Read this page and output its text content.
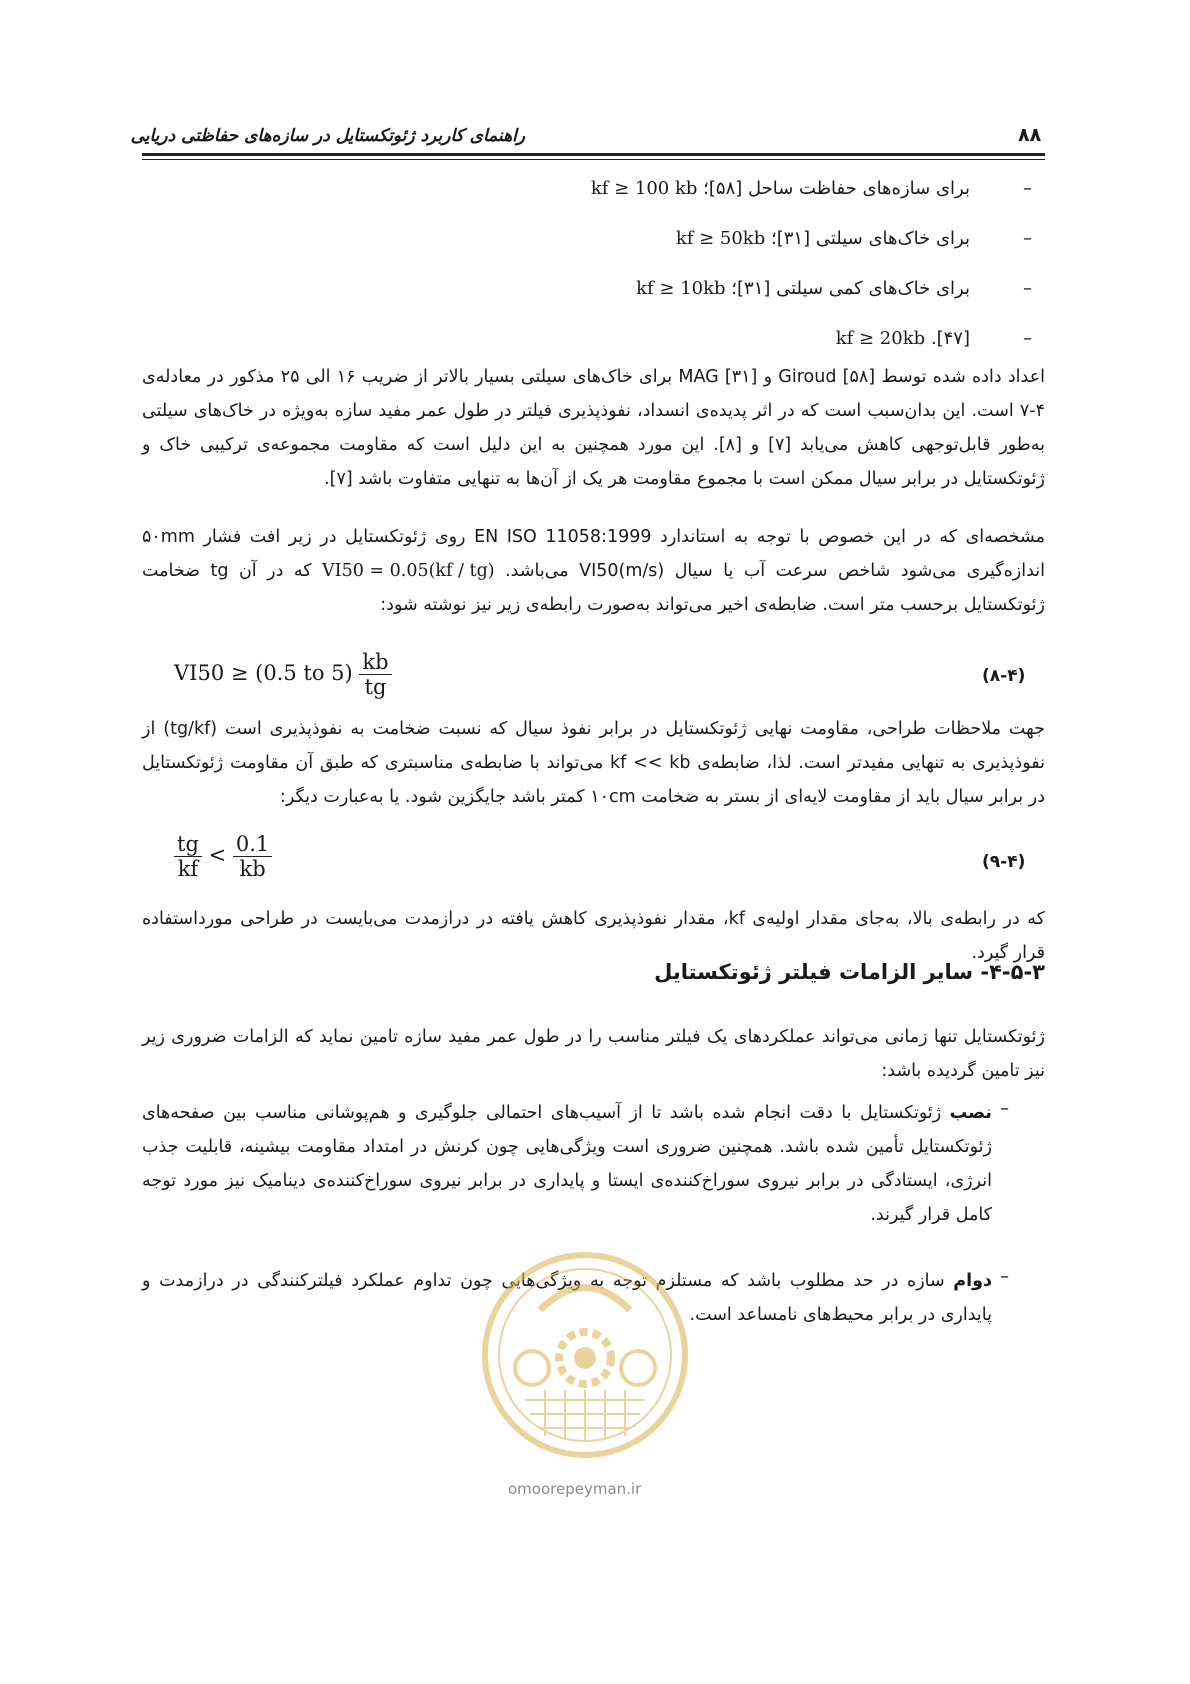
راهنمای کاربرد ژئوتکستایل در سازه‌های حفاظتی دریایی	۸۸
برای سازه‌های حفاظت ساحل [۵۸]؛ kf ≥ 100 kb	–
برای خاک‌های سیلتی [۳۱]؛ kf ≥ 50kb	–
برای خاک‌های کمی سیلتی [۳۱]؛ kf ≥ 10kb	–
[۴۷]. kf ≥ 20kb	–
اعداد داده شده توسط Giroud [۵۸] و MAG [۳۱] برای خاک‌های سیلتی بسیار بالاتر از ضریب ۱۶ الی ۲۵ مذکور در معادله‌ی ۴-۷ است. این بدان‌سبب است که در اثر پدیده‌ی انسداد، نفوذپذیری فیلتر در طول عمر مفید سازه به‌ویژه در خاک‌های سیلتی به‌طور قابل‌توجهی کاهش می‌یابد [۷] و [۸]. این مورد همچنین به این دلیل است که مقاومت مجموعه‌ی ترکیبی خاک و ژئوتکستایل در برابر سیال ممکن است با مجموع مقاومت هر یک از آن‌ها به تنهایی متفاوت باشد [۷].
مشخصه‌ای که در این خصوص با توجه به استاندارد EN ISO 11058:1999 روی ژئوتکستایل در زیر افت فشار ۵۰mm اندازه‌گیری می‌شود شاخص سرعت آب یا سیال VI50(m/s) می‌باشد. VI50 = 0.05(kf / tg) که در آن tg ضخامت ژئوتکستایل برحسب متر است. ضابطه‌ی اخیر می‌تواند به‌صورت رابطه‌ی زیر نیز نوشته شود:
VI50 ≥ (0.5 to $5) \frac{kb}{tg}$	(۸-۴)
جهت ملاحظات طراحی، مقاومت نهایی ژئوتکستایل در برابر نفوذ سیال که نسبت ضخامت به نفوذپذیری است (tg/kf) از نفوذپذیری به تنهایی مفیدتر است. لذا، ضابطه‌ی kf << kb می‌تواند با ضابطه‌ی مناسبتری که طبق آن مقاومت ژئوتکستایل در برابر سیال باید از مقاومت لایه‌ای از بستر به ضخامت ۱۰cm کمتر باشد جایگزین شود. یا به‌عبارت دیگر:
$\frac{tg}{kf} < \frac{0.1}{kb}$	(۹-۴)
که در رابطه‌ی بالا، به‌جای مقدار اولیه‌ی kf، مقدار نفوذپذیری کاهش یافته در درازمدت می‌بایست در طراحی مورداستفاده قرار گیرد.
۴-۵-۳- سایر الزامات فیلتر ژئوتکستایل
ژئوتکستایل تنها زمانی می‌تواند عملکردهای یک فیلتر مناسب را در طول عمر مفید سازه تامین نماید که الزامات ضروری زیر نیز تامین گردیده باشد:
–
نصب ژئوتکستایل با دقت انجام شده باشد تا از آسیب‌های احتمالی جلوگیری و هم‌پوشانی مناسب بین صفحه‌های ژئوتکستایل تأمین شده باشد. همچنین ضروری است ویژگی‌هایی چون کرنش در امتداد مقاومت بیشینه، قابلیت جذب انرژی، ایستادگی در برابر نیروی سوراخ‌کننده‌ی ایستا و پایداری در برابر نیروی سوراخ‌کننده‌ی دینامیک نیز مورد توجه کامل قرار گیرند.
–
دوام سازه در حد مطلوب باشد که مستلزم توجه به ویژگی‌هایی چون تداوم عملکرد فیلترکنندگی در درازمدت و پایداری در برابر محیط‌های نامساعد است.
omoorepeyman.ir
